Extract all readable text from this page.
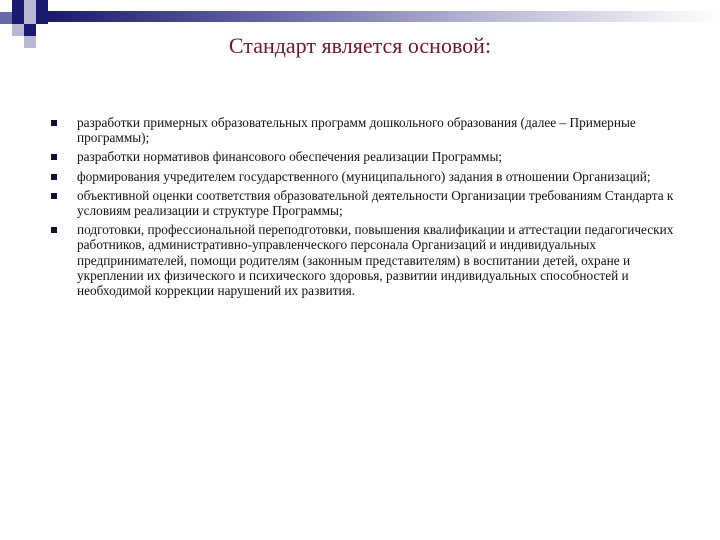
Стандарт является основой:
разработки примерных образовательных программ дошкольного образования (далее – Примерные программы);
разработки нормативов финансового обеспечения реализации Программы;
формирования учредителем государственного (муниципального) задания в отношении Организаций;
объективной оценки соответствия образовательной деятельности Организации требованиям Стандарта к условиям реализации и структуре Программы;
подготовки, профессиональной переподготовки, повышения квалификации и аттестации педагогических работников, административно-управленческого персонала Организаций и индивидуальных предпринимателей, помощи родителям (законным представителям) в воспитании детей, охране и укреплении их физического и психического здоровья, развитии индивидуальных способностей и необходимой коррекции нарушений их развития.
